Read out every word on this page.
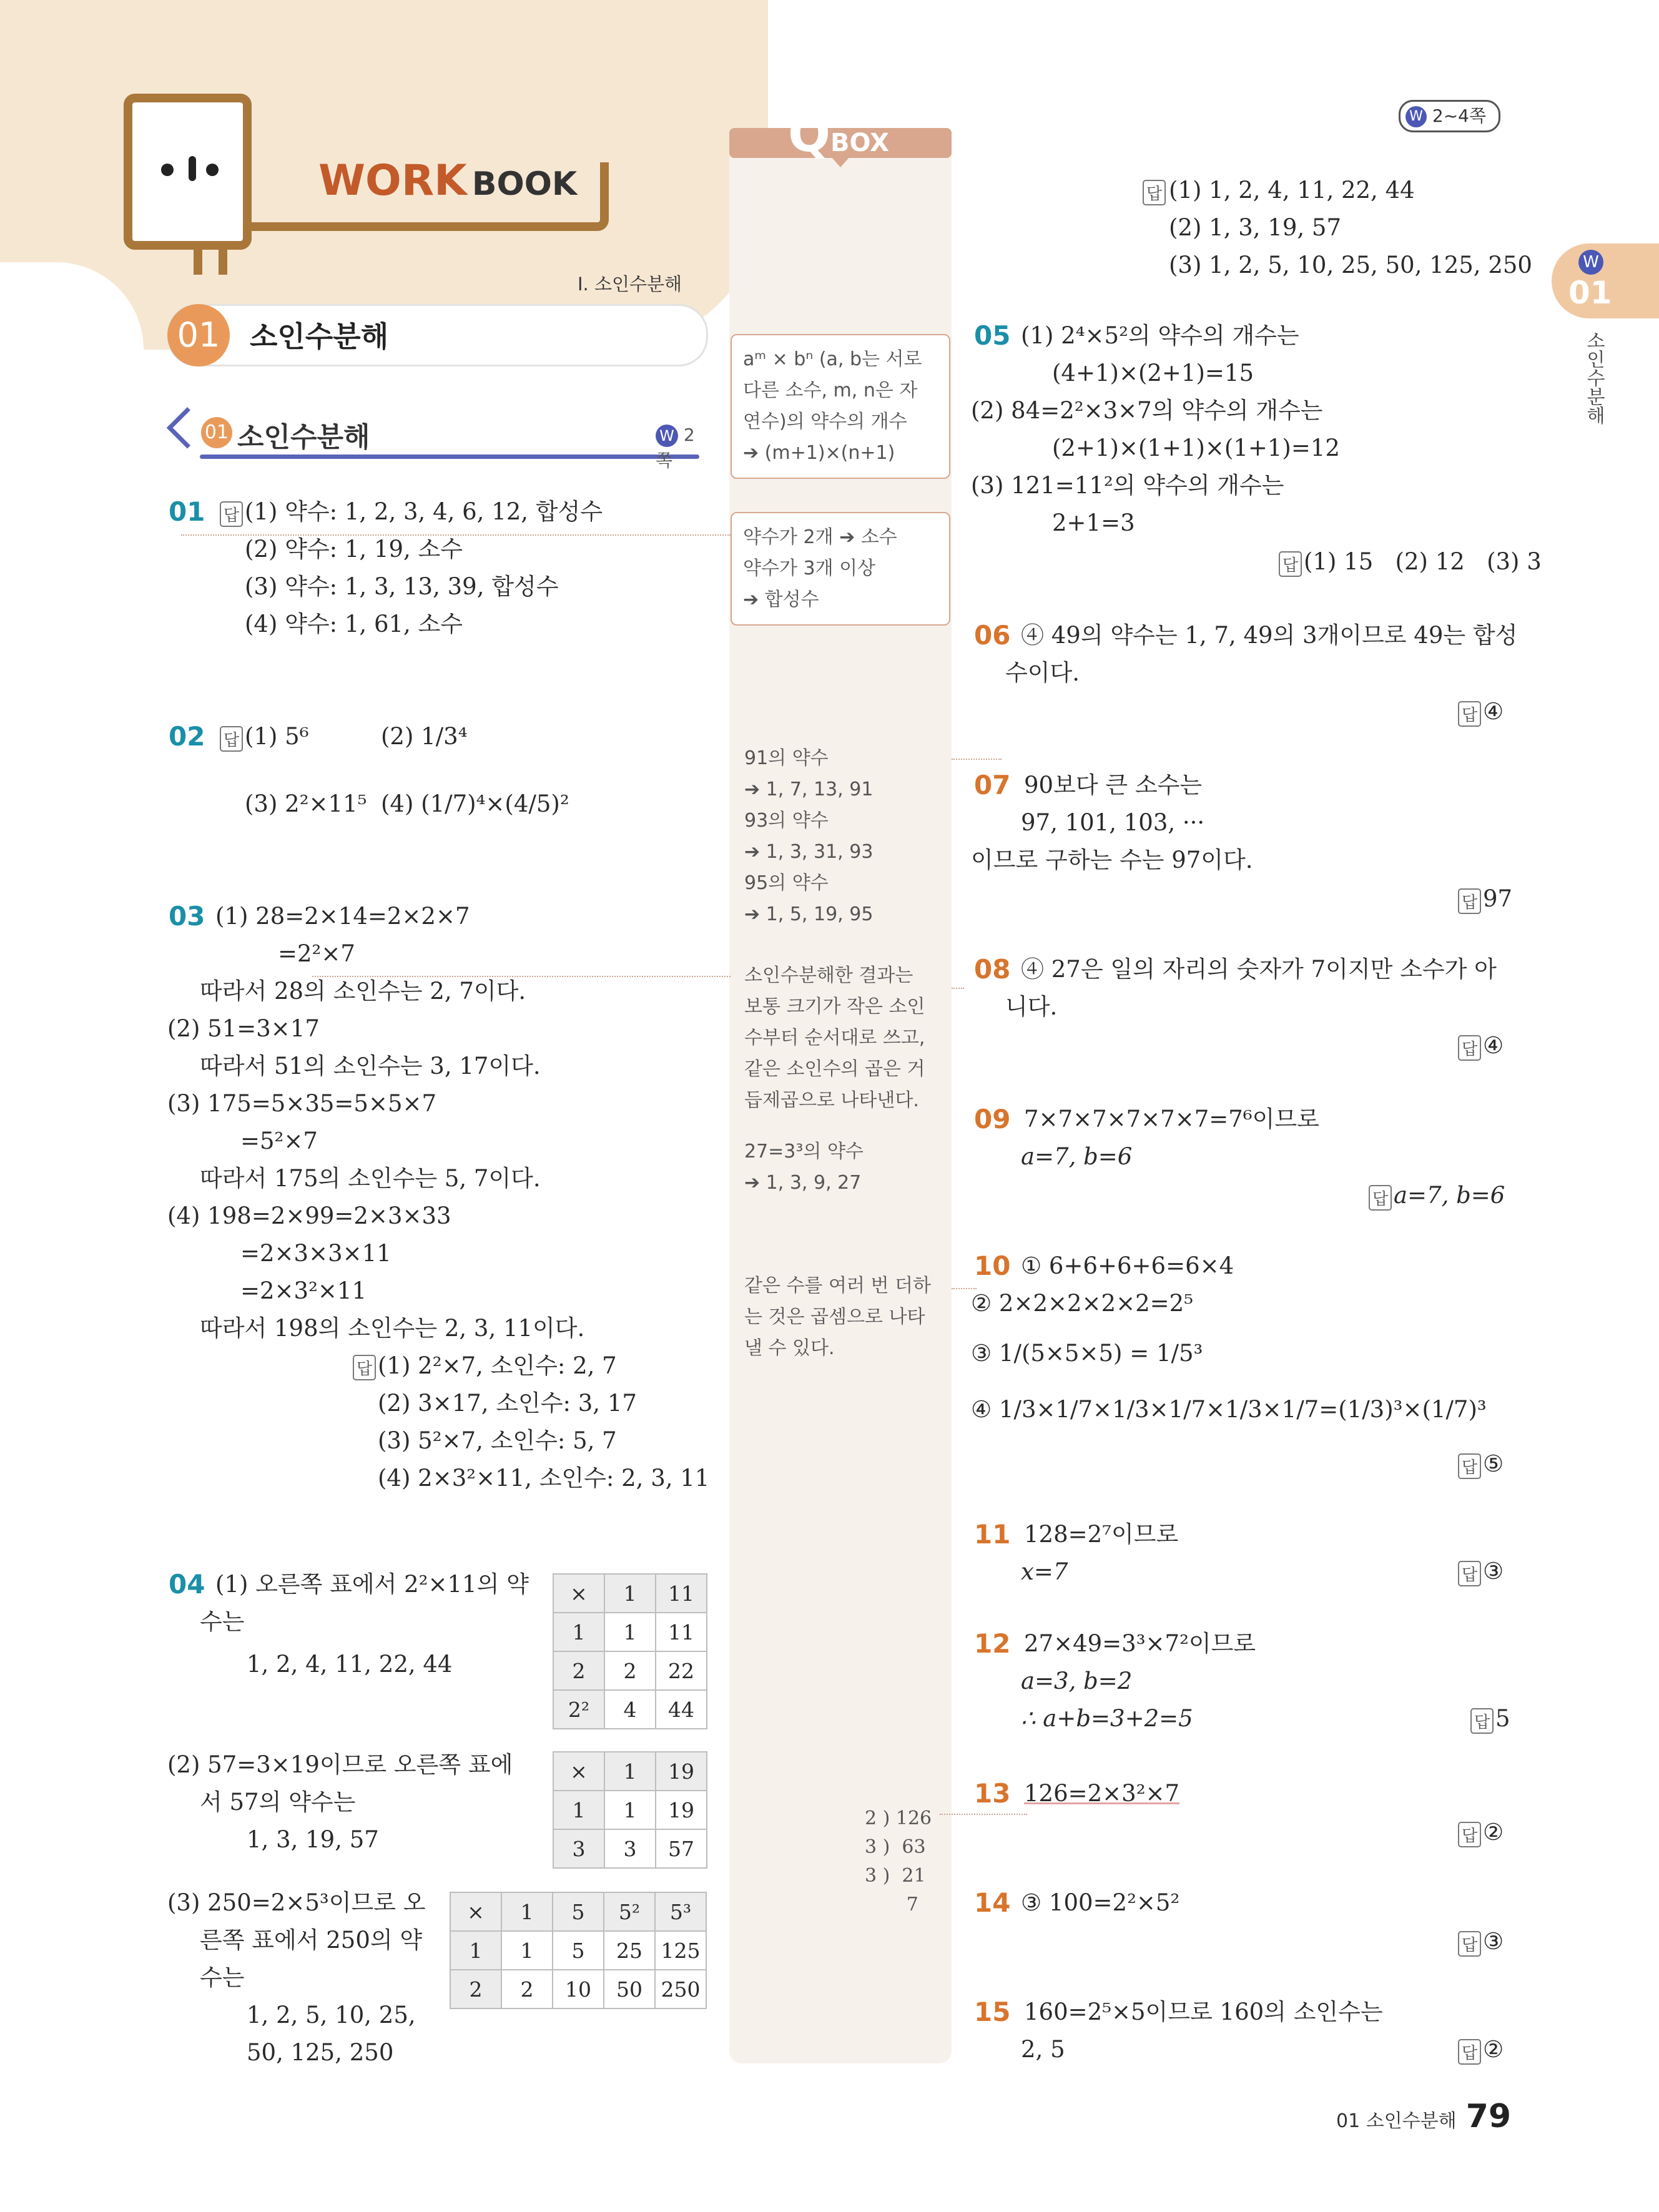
WORK BOOK
I. 소인수분해
01	소인수분해
01 소인수분해	W 2쪽
W 2~4쪽
W
01
소인수분해
QBOX
aᵐ × bⁿ (a, b는 서로
다른 소수, m, n은 자
연수)의 약수의 개수
➔ (m+1)×(n+1)
약수가 2개 ➔ 소수
약수가 3개 이상
➔ 합성수
91의 약수
➔ 1, 7, 13, 91
93의 약수
➔ 1, 3, 31, 93
95의 약수
➔ 1, 5, 19, 95
소인수분해한 결과는
보통 크기가 작은 소인
수부터 순서대로 쓰고,
같은 소인수의 곱은 거
듭제곱으로 나타낸다.
27=3³의 약수
➔ 1, 3, 9, 27
같은 수를 여러 번 더하
는 것은 곱셈으로 나타
낼 수 있다.
2 ) 126
3 )  63
3 )  21
7
01 답 (1) 약수: 1, 2, 3, 4, 6, 12, 합성수
(2) 약수: 1, 19, 소수
(3) 약수: 1, 3, 13, 39, 합성수
(4) 약수: 1, 61, 소수
02 답 (1) 5⁶	(2) 1/3⁴
(3) 2²×11⁵ (4) (1/7)⁴×(4/5)²
03 (1) 28=2×14=2×2×7
=2²×7
따라서 28의 소인수는 2, 7이다.
(2) 51=3×17
따라서 51의 소인수는 3, 17이다.
(3) 175=5×35=5×5×7
=5²×7
따라서 175의 소인수는 5, 7이다.
(4) 198=2×99=2×3×33
=2×3×3×11
=2×3²×11
따라서 198의 소인수는 2, 3, 11이다.
답 (1) 2²×7, 소인수: 2, 7
(2) 3×17, 소인수: 3, 17
(3) 5²×7, 소인수: 5, 7
(4) 2×3²×11, 소인수: 2, 3, 11
04 (1) 오른쪽 표에서 2²×11의 약
수는
1, 2, 4, 11, 22, 44
(2) 57=3×19이므로 오른쪽 표에
서 57의 약수는
1, 3, 19, 57
(3) 250=2×5³이므로 오
른쪽 표에서 250의 약
수는
1, 2, 5, 10, 25,
50, 125, 250
×	1	11
1	1	11
2	2	22
2²	4	44
×	1	19
1	1	19
3	3	57
×	1	5	5²	5³
1	1	5	25	125
2	2	10	50	250
답 (1) 1, 2, 4, 11, 22, 44
(2) 1, 3, 19, 57
(3) 1, 2, 5, 10, 25, 50, 125, 250
05 (1) 2⁴×5²의 약수의 개수는
(4+1)×(2+1)=15
(2) 84=2²×3×7의 약수의 개수는
(2+1)×(1+1)×(1+1)=12
(3) 121=11²의 약수의 개수는
2+1=3
답 (1) 15   (2) 12   (3) 3
06 ④ 49의 약수는 1, 7, 49의 3개이므로 49는 합성
수이다.
답 ④
07 90보다 큰 소수는
97, 101, 103, ···
이므로 구하는 수는 97이다.
답 97
08 ④ 27은 일의 자리의 숫자가 7이지만 소수가 아
니다.
답 ④
09 7×7×7×7×7×7=7⁶이므로
a=7, b=6
답 a=7, b=6
10 ① 6+6+6+6=6×4
② 2×2×2×2×2=2⁵
③ 1/(5×5×5) = 1/5³
④ 1/3×1/7×1/3×1/7×1/3×1/7=(1/3)³×(1/7)³
답 ⑤
11 128=2⁷이므로
x=7	답 ③
12 27×49=3³×7²이므로
a=3, b=2
∴ a+b=3+2=5	답 5
13 126=2×3²×7
답 ②
14 ③ 100=2²×5²
답 ③
15 160=2⁵×5이므로 160의 소인수는
2, 5	답 ②
01 소인수분해 79
